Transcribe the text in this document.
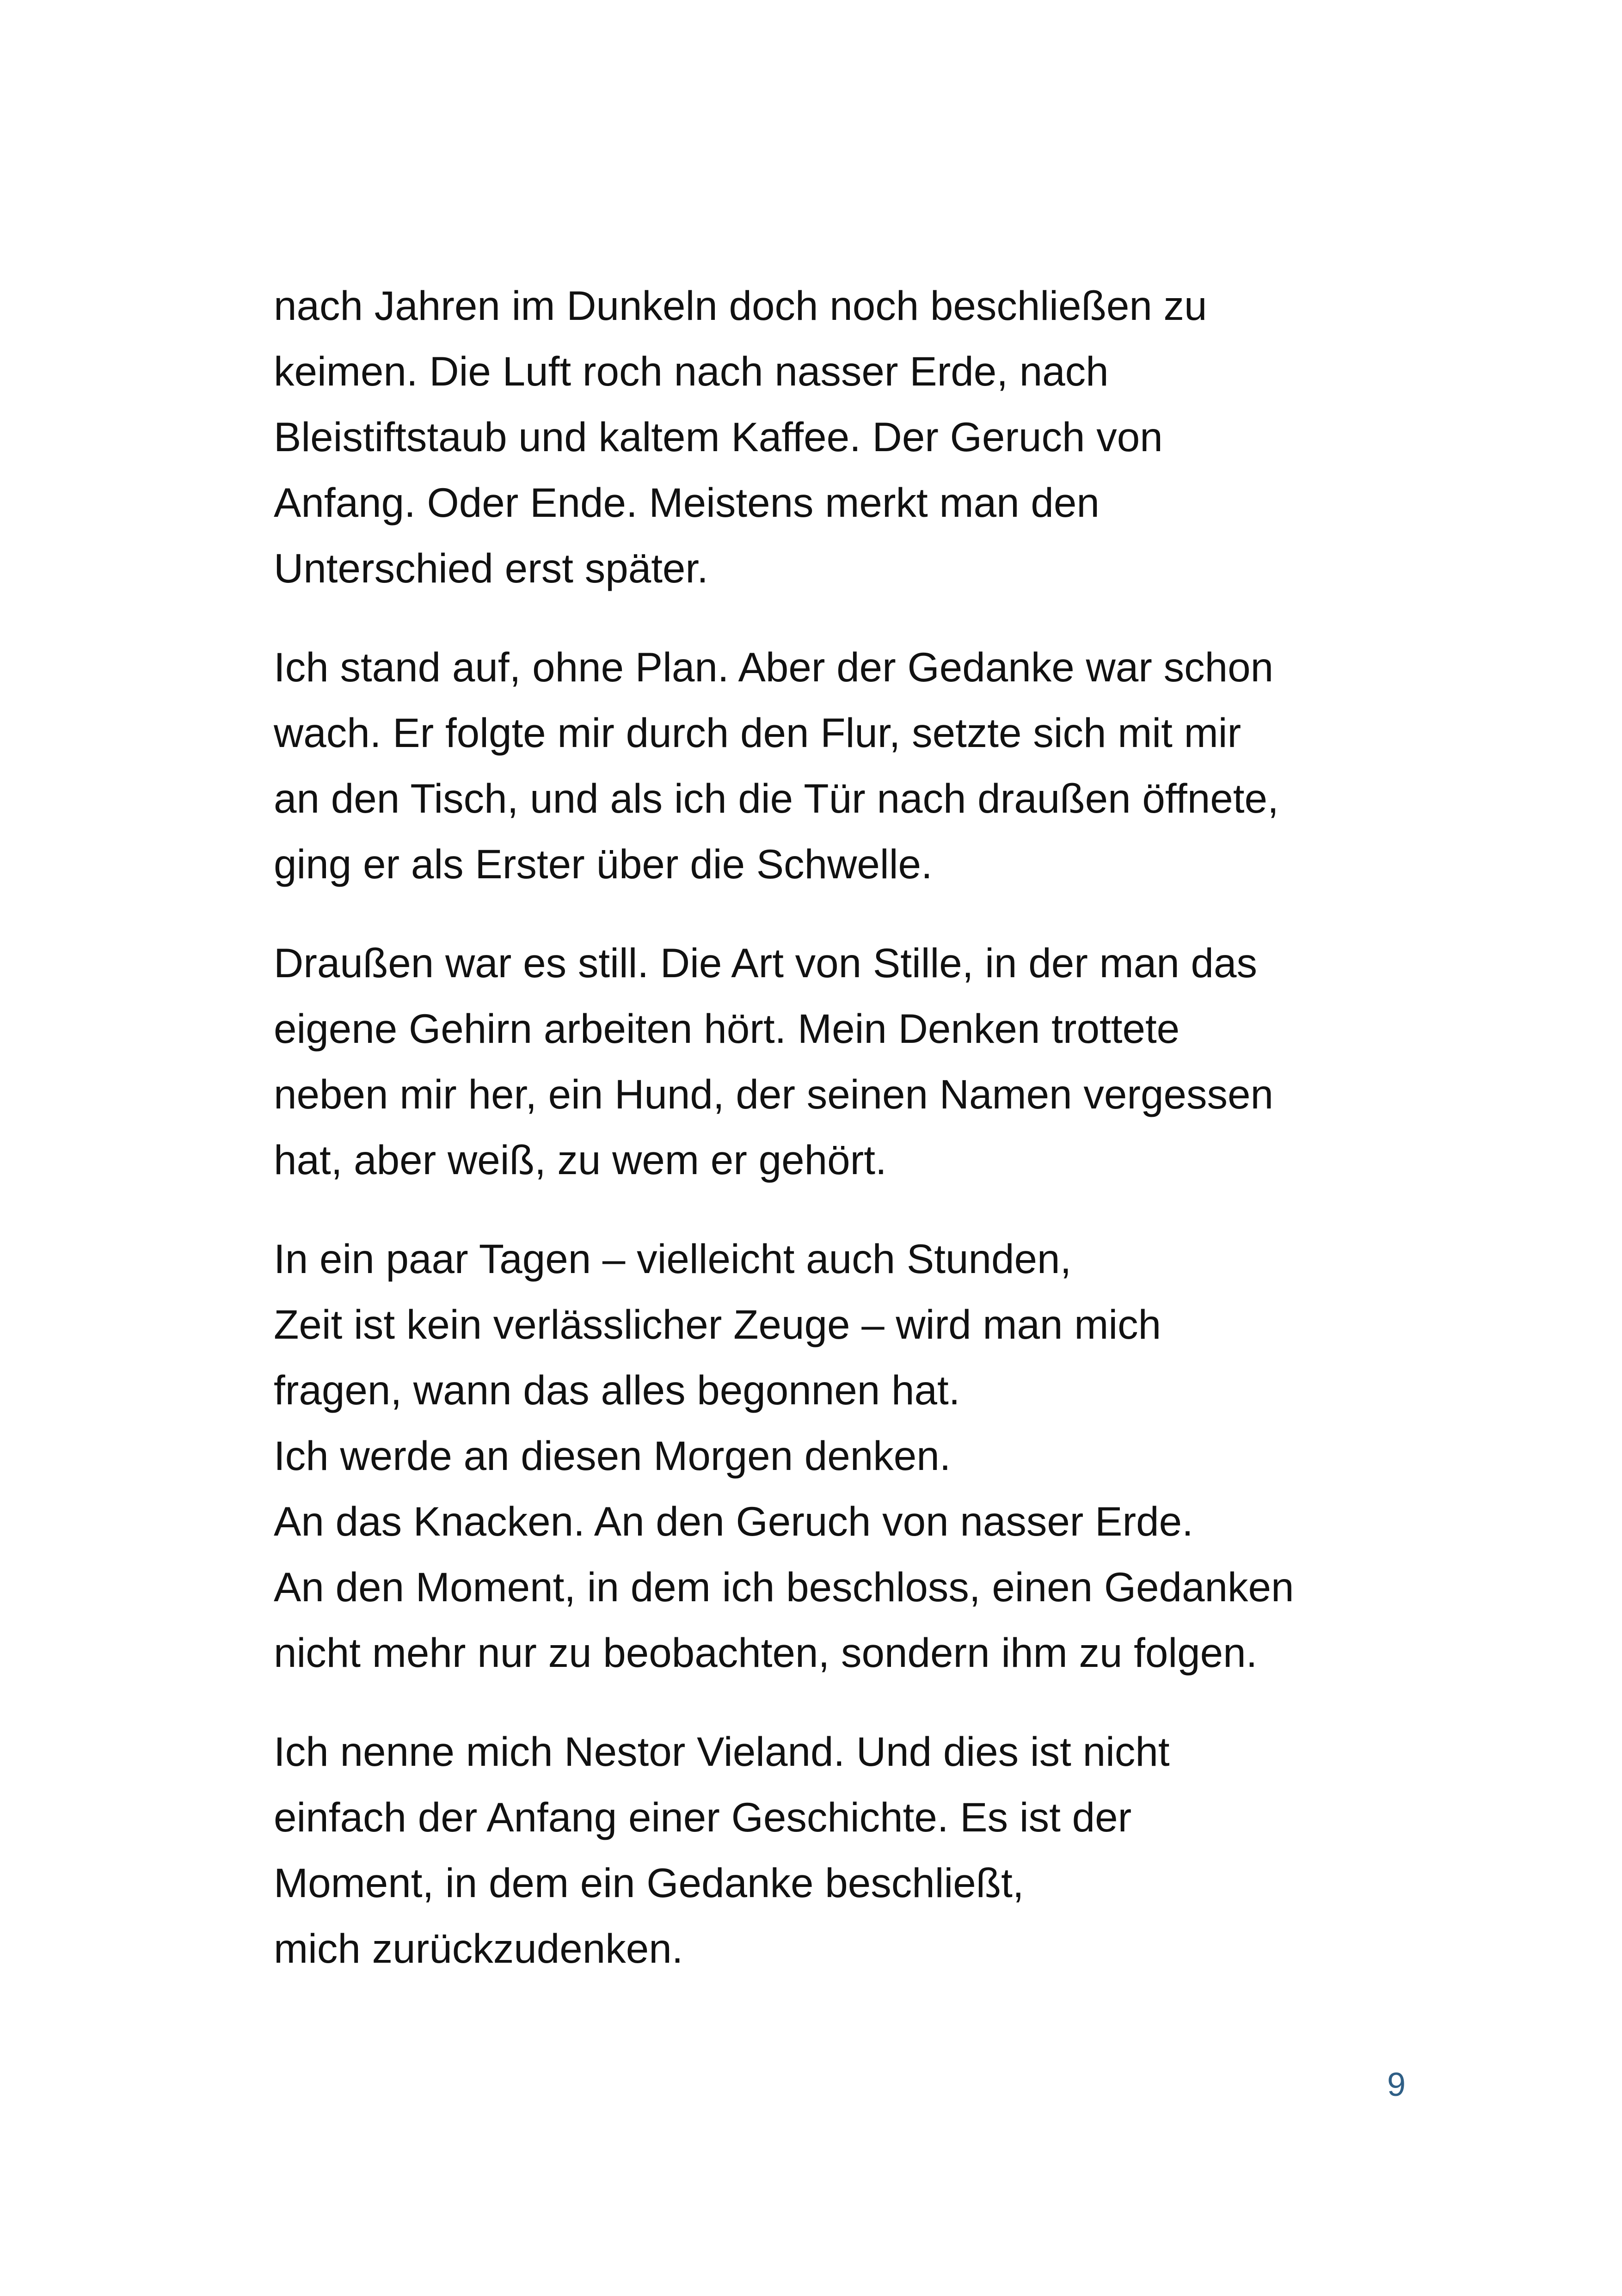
nach Jahren im Dunkeln doch noch beschließen zu
keimen. Die Luft roch nach nasser Erde, nach
Bleistiftstaub und kaltem Kaffee. Der Geruch von
Anfang. Oder Ende. Meistens merkt man den
Unterschied erst später.

Ich stand auf, ohne Plan. Aber der Gedanke war schon
wach. Er folgte mir durch den Flur, setzte sich mit mir
an den Tisch, und als ich die Tür nach draußen öffnete,
ging er als Erster über die Schwelle.

Draußen war es still. Die Art von Stille, in der man das
eigene Gehirn arbeiten hört. Mein Denken trottete
neben mir her, ein Hund, der seinen Namen vergessen
hat, aber weiß, zu wem er gehört.

In ein paar Tagen – vielleicht auch Stunden,
Zeit ist kein verlässlicher Zeuge – wird man mich
fragen, wann das alles begonnen hat.
Ich werde an diesen Morgen denken.
An das Knacken. An den Geruch von nasser Erde.
An den Moment, in dem ich beschloss, einen Gedanken
nicht mehr nur zu beobachten, sondern ihm zu folgen.

Ich nenne mich Nestor Vieland. Und dies ist nicht
einfach der Anfang einer Geschichte. Es ist der
Moment, in dem ein Gedanke beschließt,
mich zurückzudenken.

9
